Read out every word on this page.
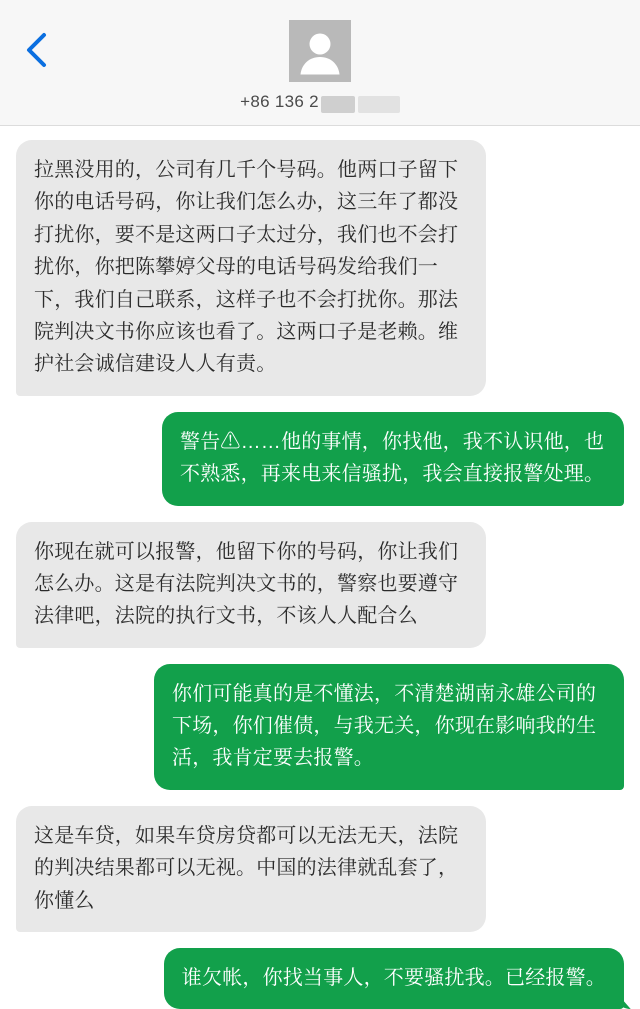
+86 136 2
拉黑没用的，公司有几千个号码。他两口子留下你的电话号码，你让我们怎么办，这三年了都没打扰你，要不是这两口子太过分，我们也不会打扰你，你把陈攀婷父母的电话号码发给我们一下，我们自己联系，这样子也不会打扰你。那法院判决文书你应该也看了。这两口子是老赖。维护社会诚信建设人人有责。
警告⚠……他的事情，你找他，我不认识他，也不熟悉，再来电来信骚扰，我会直接报警处理。
你现在就可以报警，他留下你的号码，你让我们怎么办。这是有法院判决文书的，警察也要遵守法律吧，法院的执行文书，不该人人配合么
你们可能真的是不懂法，不清楚湖南永雄公司的下场，你们催债，与我无关，你现在影响我的生活，我肯定要去报警。
这是车贷，如果车贷房贷都可以无法无天，法院的判决结果都可以无视。中国的法律就乱套了，你懂么
谁欠帐，你找当事人，不要骚扰我。已经报警。
